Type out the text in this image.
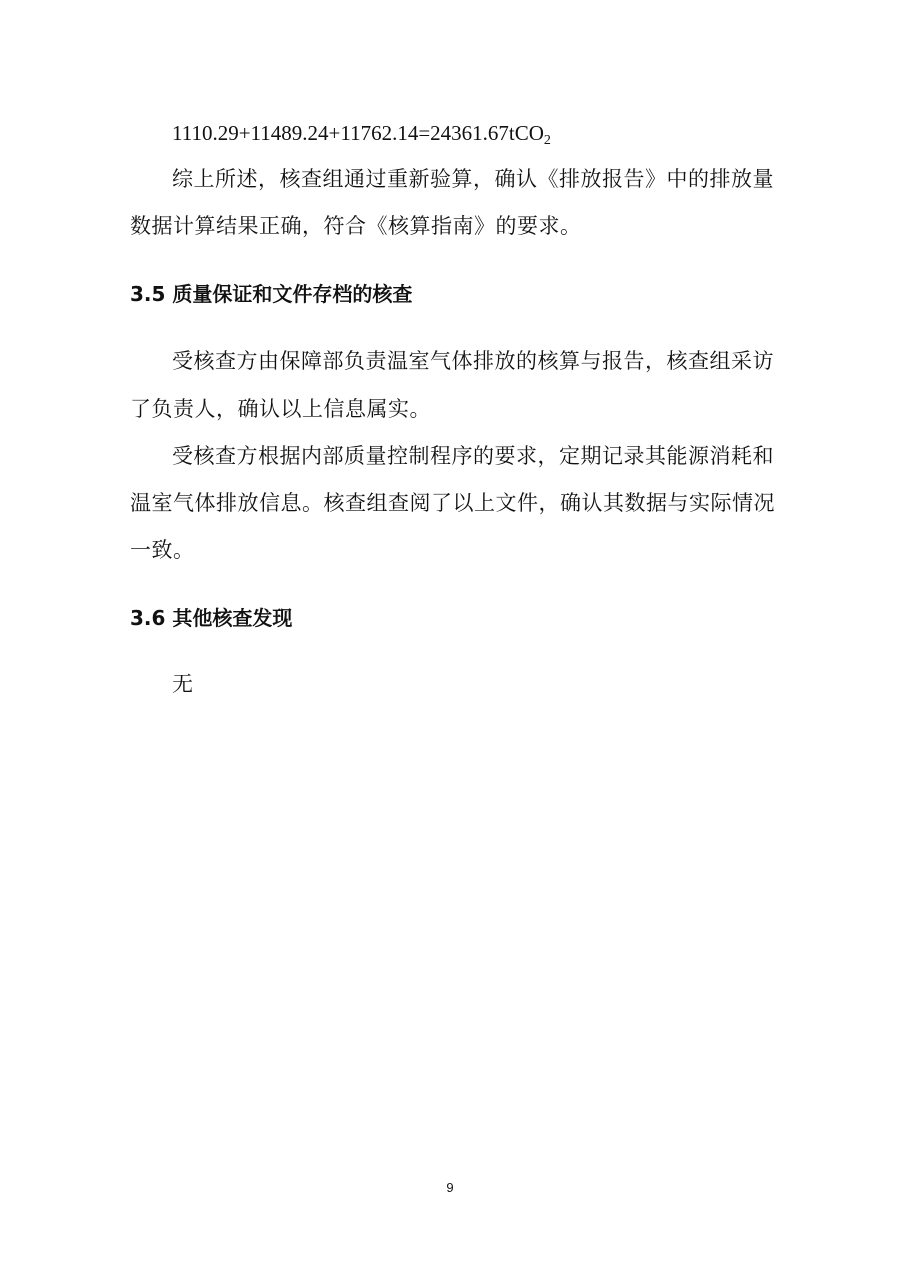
1110.29+11489.24+11762.14=24361.67tCO$_2$
综上所述，核查组通过重新验算，确认《排放报告》中的排放量
数据计算结果正确，符合《核算指南》的要求。
3.5 质量保证和文件存档的核查
受核查方由保障部负责温室气体排放的核算与报告，核查组采访
了负责人，确认以上信息属实。
受核查方根据内部质量控制程序的要求，定期记录其能源消耗和
温室气体排放信息。核查组查阅了以上文件，确认其数据与实际情况
一致。
3.6 其他核查发现
无
9
